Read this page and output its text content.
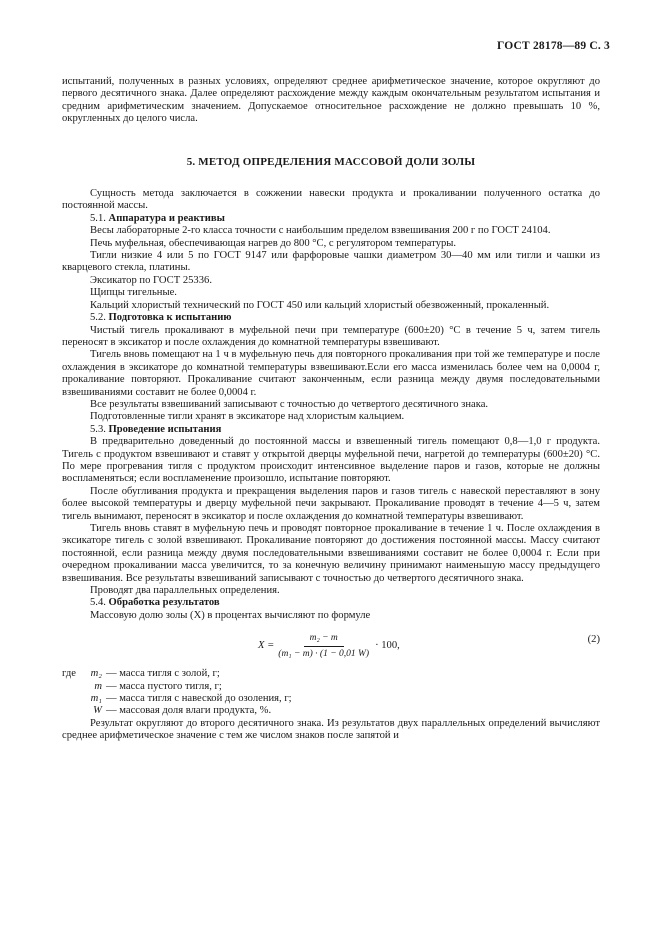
ГОСТ 28178—89 С. 3

испытаний, полученных в разных условиях, определяют среднее арифметическое значение, которое округляют до первого десятичного знака. Далее определяют расхождение между каждым окончательным результатом испытания и средним арифметическим значением. Допускаемое относительное расхождение не должно превышать 10 %, округленных до целого числа.

5. МЕТОД ОПРЕДЕЛЕНИЯ МАССОВОЙ ДОЛИ ЗОЛЫ

Сущность метода заключается в сожжении навески продукта и прокаливании полученного остатка до постоянной массы.

5.1. Аппаратура и реактивы

Весы лабораторные 2-го класса точности с наибольшим пределом взвешивания 200 г по ГОСТ 24104.

Печь муфельная, обеспечивающая нагрев до 800 °С, с регулятором температуры.

Тигли низкие 4 или 5 по ГОСТ 9147 или фарфоровые чашки диаметром 30—40 мм или тигли и чашки из кварцевого стекла, платины.

Эксикатор по ГОСТ 25336.

Щипцы тигельные.

Кальций хлористый технический по ГОСТ 450 или кальций хлористый обезвоженный, прокаленный.

5.2. Подготовка к испытанию

Чистый тигель прокаливают в муфельной печи при температуре (600±20) °С в течение 5 ч, затем тигель переносят в эксикатор и после охлаждения до комнатной температуры взвешивают.

Тигель вновь помещают на 1 ч в муфельную печь для повторного прокаливания при той же температуре и после охлаждения в эксикаторе до комнатной температуры взвешивают.Если его масса изменилась более чем на 0,0004 г, прокаливание повторяют. Прокаливание считают законченным, если разница между двумя последовательными взвешиваниями составит не более 0,0004 г.

Все результаты взвешиваний записывают с точностью до четвертого десятичного знака.

Подготовленные тигли хранят в эксикаторе над хлористым кальцием.

5.3. Проведение испытания

В предварительно доведенный до постоянной массы и взвешенный тигель помещают 0,8—1,0 г продукта. Тигель с продуктом взвешивают и ставят у открытой дверцы муфельной печи, нагретой до температуры (600±20) °С. По мере прогревания тигля с продуктом происходит интенсивное выделение паров и газов, которые не должны воспламеняться; если воспламенение произошло, испытание повторяют.

После обугливания продукта и прекращения выделения паров и газов тигель с навеской переставляют в зону более высокой температуры и дверцу муфельной печи закрывают. Прокаливание проводят в течение 4—5 ч, затем тигель вынимают, переносят в эксикатор и после охлаждения до комнатной температуры взвешивают.

Тигель вновь ставят в муфельную печь и проводят повторное прокаливание в течение 1 ч. После охлаждения в эксикаторе тигель с золой взвешивают. Прокаливание повторяют до достижения постоянной массы. Массу считают постоянной, если разница между двумя последовательными взвешиваниями составит не более 0,0004 г. Если при очередном прокаливании масса увеличится, то за конечную величину принимают наименьшую массу предыдущего взвешивания. Все результаты взвешиваний записывают с точностью до четвертого десятичного знака.

Проводят два параллельных определения.

5.4. Обработка результатов

Массовую долю золы (X) в процентах вычисляют по формуле

$X = \frac{\text{m₂ − m}}{\text{(m₁ − m) · (1 − 0,01 W)}} \cdot 100$,
(2)
где	m₂ — масса тигля с золой, г;
m — масса пустого тигля, г;
m₁ — масса тигля с навеской до озоления, г;
W — массовая доля влаги продукта, %.

Результат округляют до второго десятичного знака. Из результатов двух параллельных определений вычисляют среднее арифметическое значение с тем же числом знаков после запятой и
